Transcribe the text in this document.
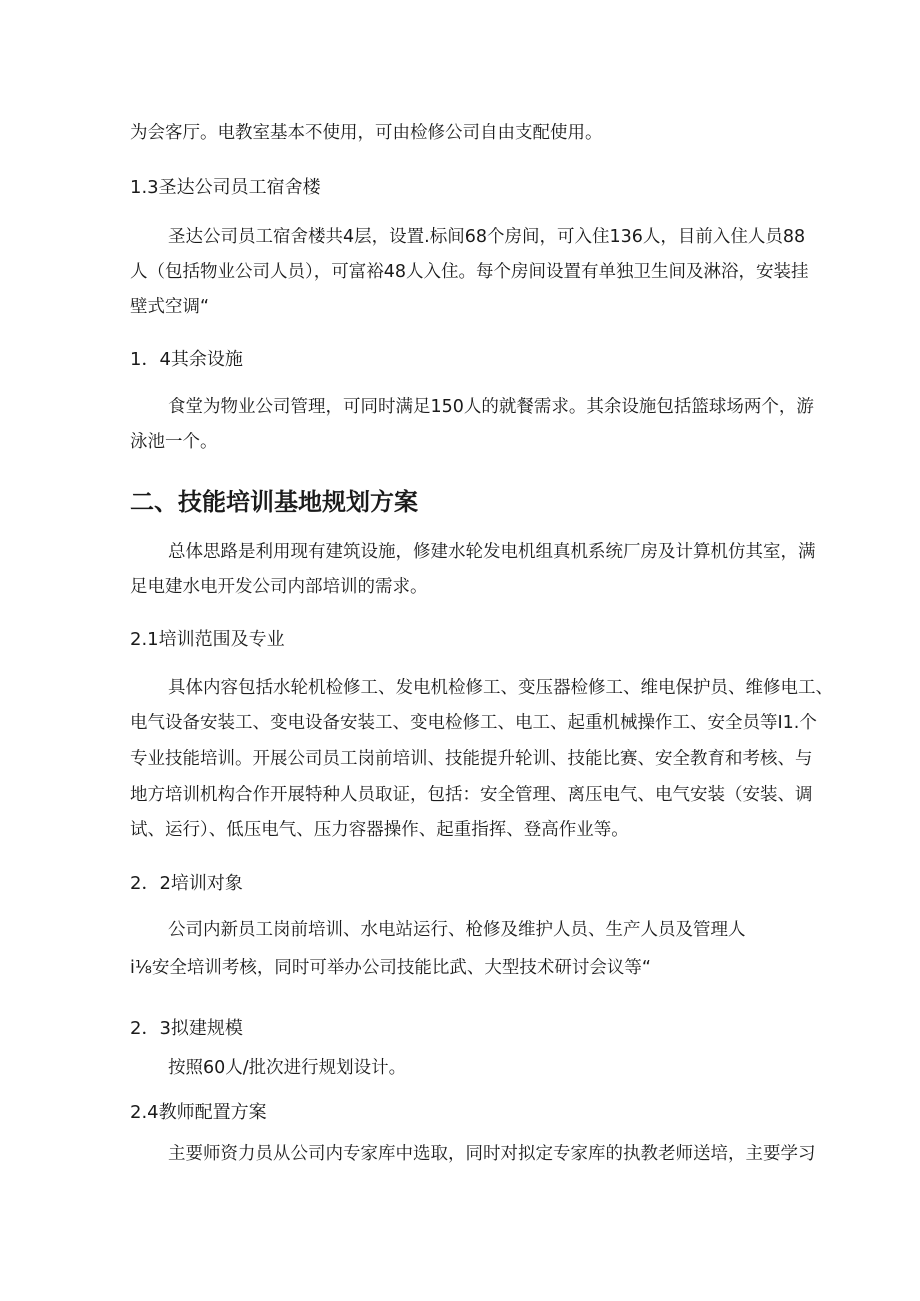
为会客厅。电教室基本不使用，可由检修公司自由支配使用。

1.3圣达公司员工宿舍楼

圣达公司员工宿舍楼共4层，设置.标间68个房间，可入住136人，目前入住人员88

人（包括物业公司人员），可富裕48人入住。每个房间设置有单独卫生间及淋浴，安装挂

壁式空调“

1．4其余设施

食堂为物业公司管理，可同时满足150人的就餐需求。其余设施包括篮球场两个，游

泳池一个。

二、技能培训基地规划方案

总体思路是利用现有建筑设施，修建水轮发电机组真机系统厂房及计算机仿其室，满

足电建水电开发公司内部培训的需求。

2.1培训范围及专业

具体内容包括水轮机检修工、发电机检修工、变压器检修工、维电保护员、维修电工、

电气设备安装工、变电设备安装工、变电检修工、电工、起重机械操作工、安全员等I1.个

专业技能培训。开展公司员工岗前培训、技能提升轮训、技能比赛、安全教育和考核、与

地方培训机构合作开展特种人员取证，包括：安全管理、离压电气、电气安装（安装、调

试、运行）、低压电气、压力容器操作、起重指挥、登高作业等。

2．2培训对象

公司内新员工岗前培训、水电站运行、枪修及维护人员、生产人员及管理人

i⅛安全培训考核，同时可举办公司技能比武、大型技术研讨会议等“

2．3拟建规模

按照60人/批次进行规划设计。

2.4教师配置方案

主要师资力员从公司内专家库中选取，同时对拟定专家库的执教老师送培，主要学习
